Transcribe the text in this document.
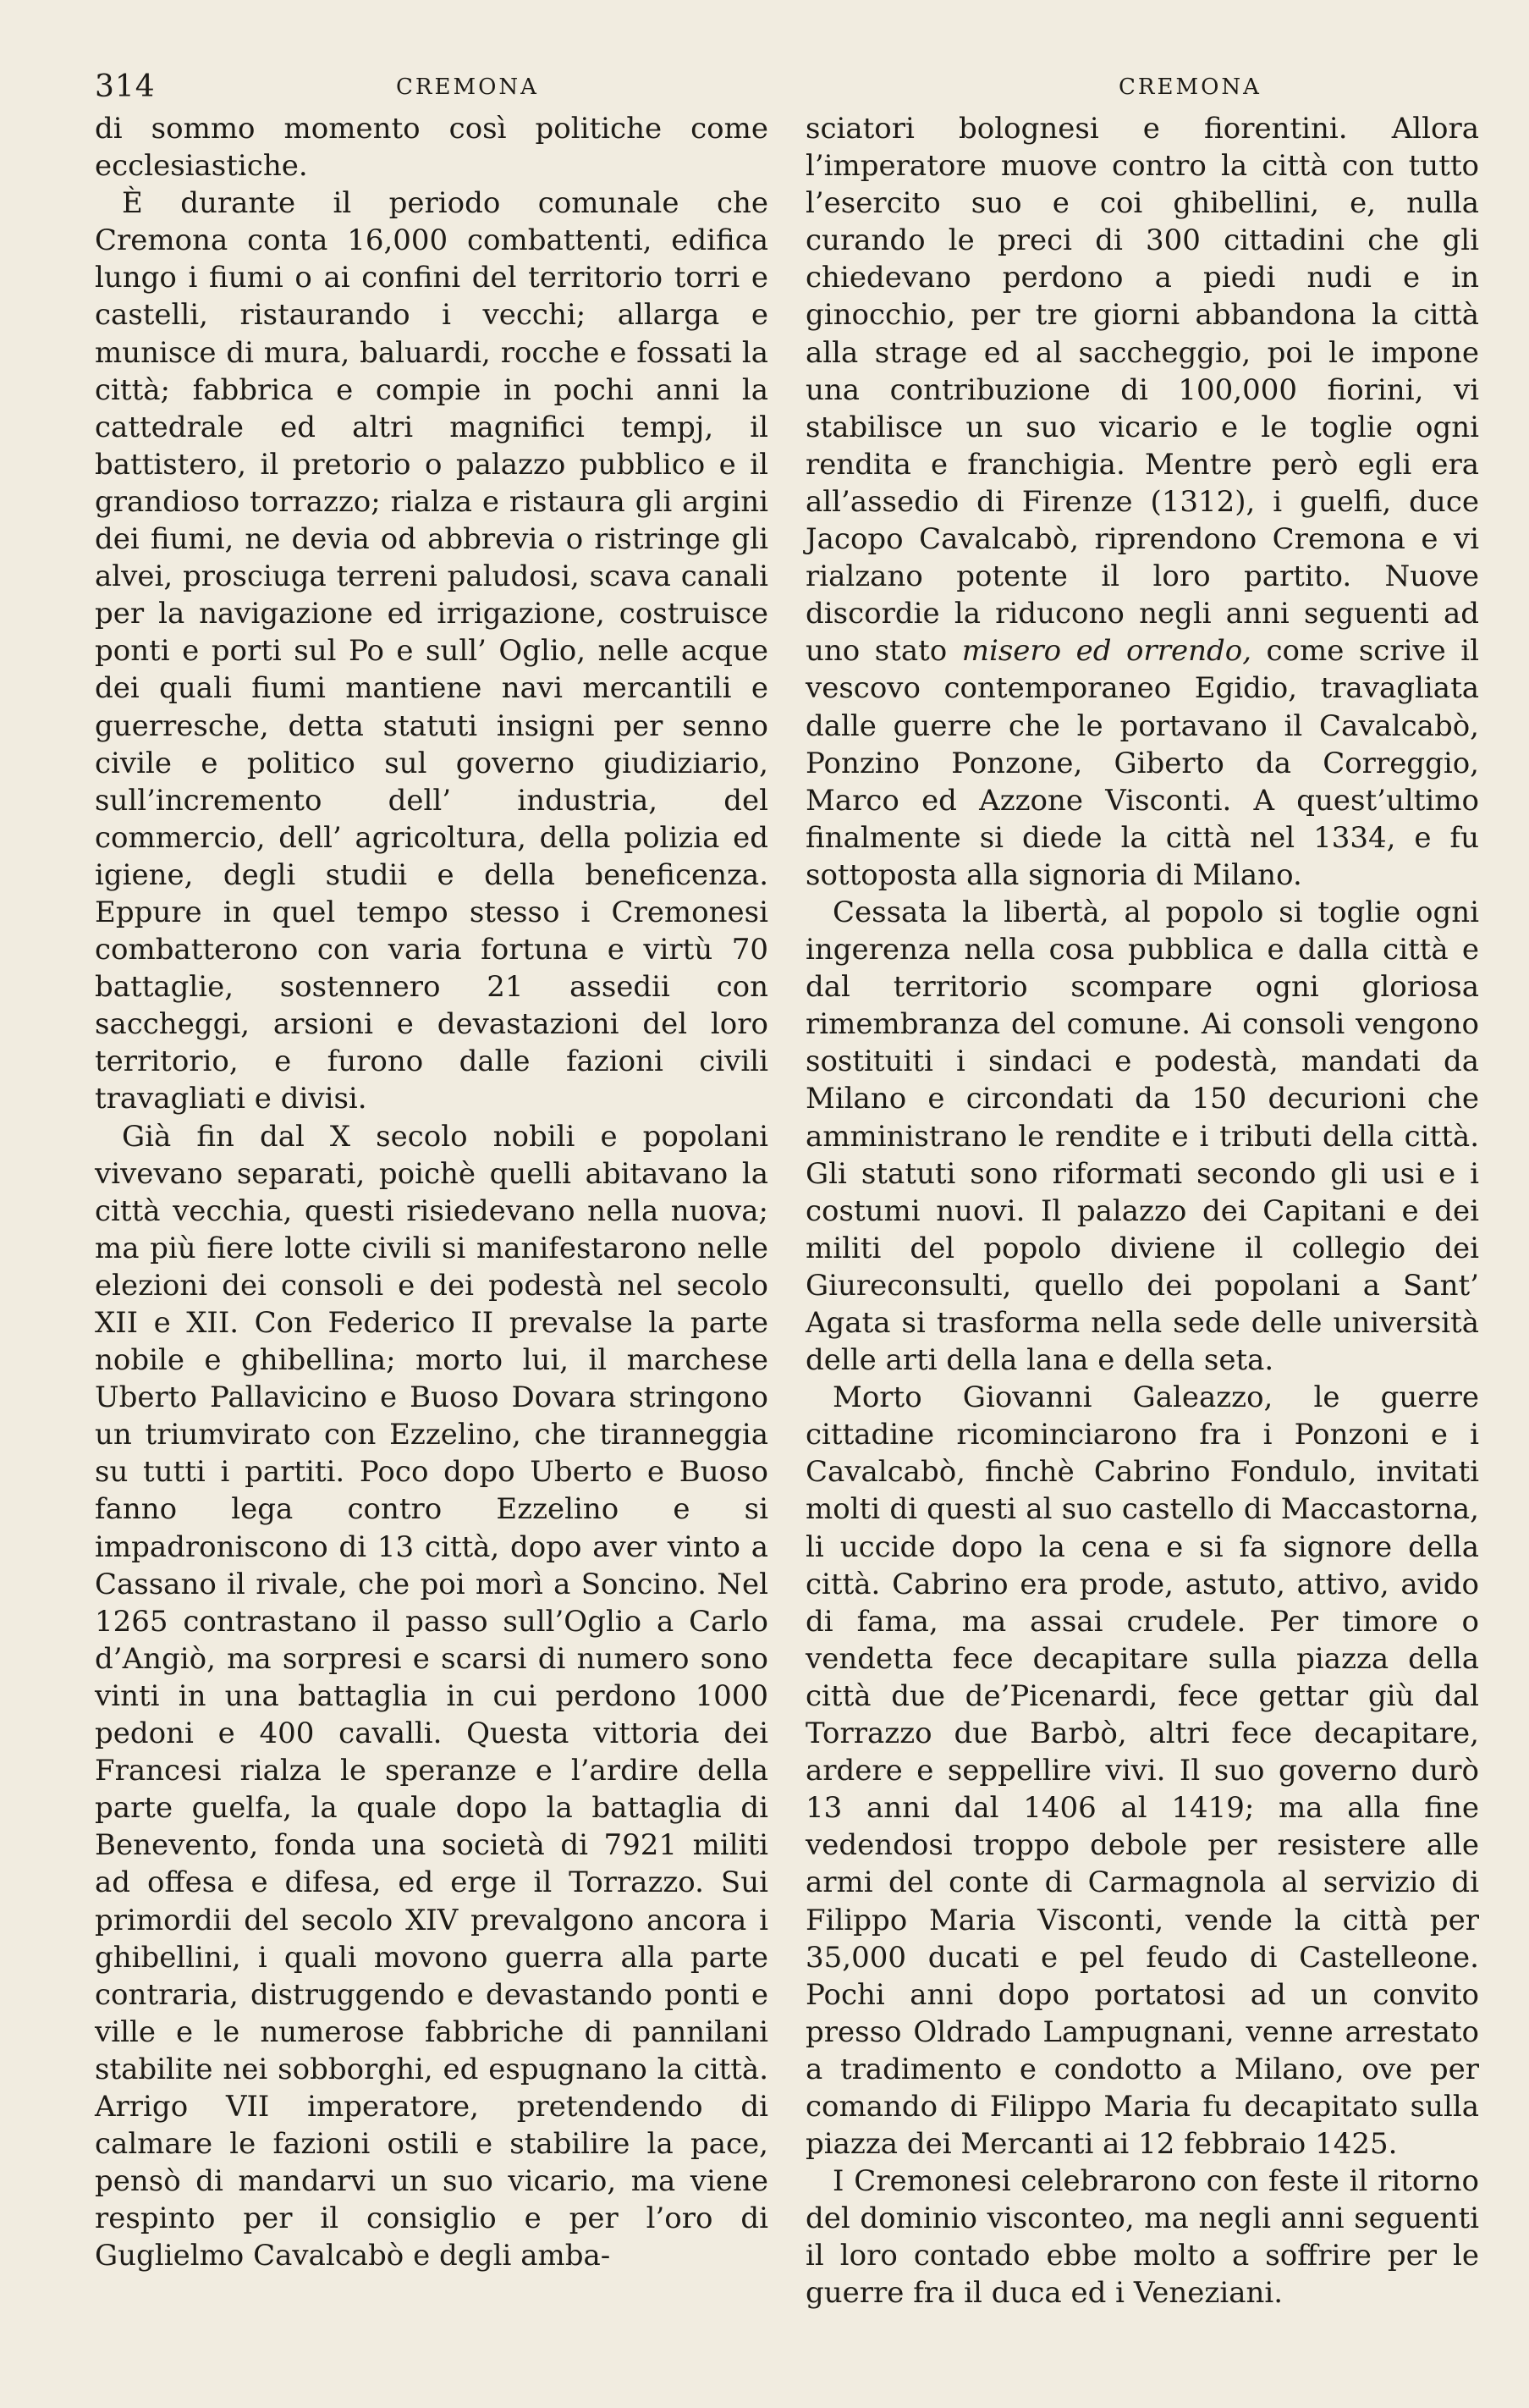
314	CREMONA	CREMONA

di sommo momento così politiche come ecclesiastiche.

È durante il periodo comunale che Cremona conta 16,000 combattenti, edifica lungo i fiumi o ai confini del territorio torri e castelli, ristaurando i vecchi; allarga e munisce di mura, baluardi, rocche e fossati la città; fabbrica e compie in pochi anni la cattedrale ed altri magnifici tempj, il battistero, il pretorio o palazzo pubblico e il grandioso torrazzo; rialza e ristaura gli argini dei fiumi, ne devia od abbrevia o ristringe gli alvei, prosciuga terreni paludosi, scava canali per la navigazione ed irrigazione, costruisce ponti e porti sul Po e sull’ Oglio, nelle acque dei quali fiumi mantiene navi mercantili e guerresche, detta statuti insigni per senno civile e politico sul governo giudiziario, sull’incremento dell’ industria, del commercio, dell’ agricoltura, della polizia ed igiene, degli studii e della beneficenza. Eppure in quel tempo stesso i Cremonesi combatterono con varia fortuna e virtù 70 battaglie, sostennero 21 assedii con saccheggi, arsioni e devastazioni del loro territorio, e furono dalle fazioni civili travagliati e divisi.

Già fin dal X secolo nobili e popolani vivevano separati, poichè quelli abitavano la città vecchia, questi risiedevano nella nuova; ma più fiere lotte civili si manifestarono nelle elezioni dei consoli e dei podestà nel secolo XII e XII. Con Federico II prevalse la parte nobile e ghibellina; morto lui, il marchese Uberto Pallavicino e Buoso Dovara stringono un triumvirato con Ezzelino, che tiranneggia su tutti i partiti. Poco dopo Uberto e Buoso fanno lega contro Ezzelino e si impadroniscono di 13 città, dopo aver vinto a Cassano il rivale, che poi morì a Soncino. Nel 1265 contrastano il passo sull’Oglio a Carlo d’Angiò, ma sorpresi e scarsi di numero sono vinti in una battaglia in cui perdono 1000 pedoni e 400 cavalli. Questa vittoria dei Francesi rialza le speranze e l’ardire della parte guelfa, la quale dopo la battaglia di Benevento, fonda una società di 7921 militi ad offesa e difesa, ed erge il Torrazzo. Sui primordii del secolo XIV prevalgono ancora i ghibellini, i quali movono guerra alla parte contraria, distruggendo e devastando ponti e ville e le numerose fabbriche di pannilani stabilite nei sobborghi, ed espugnano la città. Arrigo VII imperatore, pretendendo di calmare le fazioni ostili e stabilire la pace, pensò di mandarvi un suo vicario, ma viene respinto per il consiglio e per l’oro di Guglielmo Cavalcabò e degli amba-

sciatori bolognesi e fiorentini. Allora l’imperatore muove contro la città con tutto l’esercito suo e coi ghibellini, e, nulla curando le preci di 300 cittadini che gli chiedevano perdono a piedi nudi e in ginocchio, per tre giorni abbandona la città alla strage ed al saccheggio, poi le impone una contribuzione di 100,000 fiorini, vi stabilisce un suo vicario e le toglie ogni rendita e franchigia. Mentre però egli era all’assedio di Firenze (1312), i guelfi, duce Jacopo Cavalcabò, riprendono Cremona e vi rialzano potente il loro partito. Nuove discordie la riducono negli anni seguenti ad uno stato misero ed orrendo, come scrive il vescovo contemporaneo Egidio, travagliata dalle guerre che le portavano il Cavalcabò, Ponzino Ponzone, Giberto da Correggio, Marco ed Azzone Visconti. A quest’ultimo finalmente si diede la città nel 1334, e fu sottoposta alla signoria di Milano.

Cessata la libertà, al popolo si toglie ogni ingerenza nella cosa pubblica e dalla città e dal territorio scompare ogni gloriosa rimembranza del comune. Ai consoli vengono sostituiti i sindaci e podestà, mandati da Milano e circondati da 150 decurioni che amministrano le rendite e i tributi della città. Gli statuti sono riformati secondo gli usi e i costumi nuovi. Il palazzo dei Capitani e dei militi del popolo diviene il collegio dei Giureconsulti, quello dei popolani a Sant’ Agata si trasforma nella sede delle università delle arti della lana e della seta.

Morto Giovanni Galeazzo, le guerre cittadine ricominciarono fra i Ponzoni e i Cavalcabò, finchè Cabrino Fondulo, invitati molti di questi al suo castello di Maccastorna, li uccide dopo la cena e si fa signore della città. Cabrino era prode, astuto, attivo, avido di fama, ma assai crudele. Per timore o vendetta fece decapitare sulla piazza della città due de’Picenardi, fece gettar giù dal Torrazzo due Barbò, altri fece decapitare, ardere e seppellire vivi. Il suo governo durò 13 anni dal 1406 al 1419; ma alla fine vedendosi troppo debole per resistere alle armi del conte di Carmagnola al servizio di Filippo Maria Visconti, vende la città per 35,000 ducati e pel feudo di Castelleone. Pochi anni dopo portatosi ad un convito presso Oldrado Lampugnani, venne arrestato a tradimento e condotto a Milano, ove per comando di Filippo Maria fu decapitato sulla piazza dei Mercanti ai 12 febbraio 1425.

I Cremonesi celebrarono con feste il ritorno del dominio visconteo, ma negli anni seguenti il loro contado ebbe molto a soffrire per le guerre fra il duca ed i Veneziani.
